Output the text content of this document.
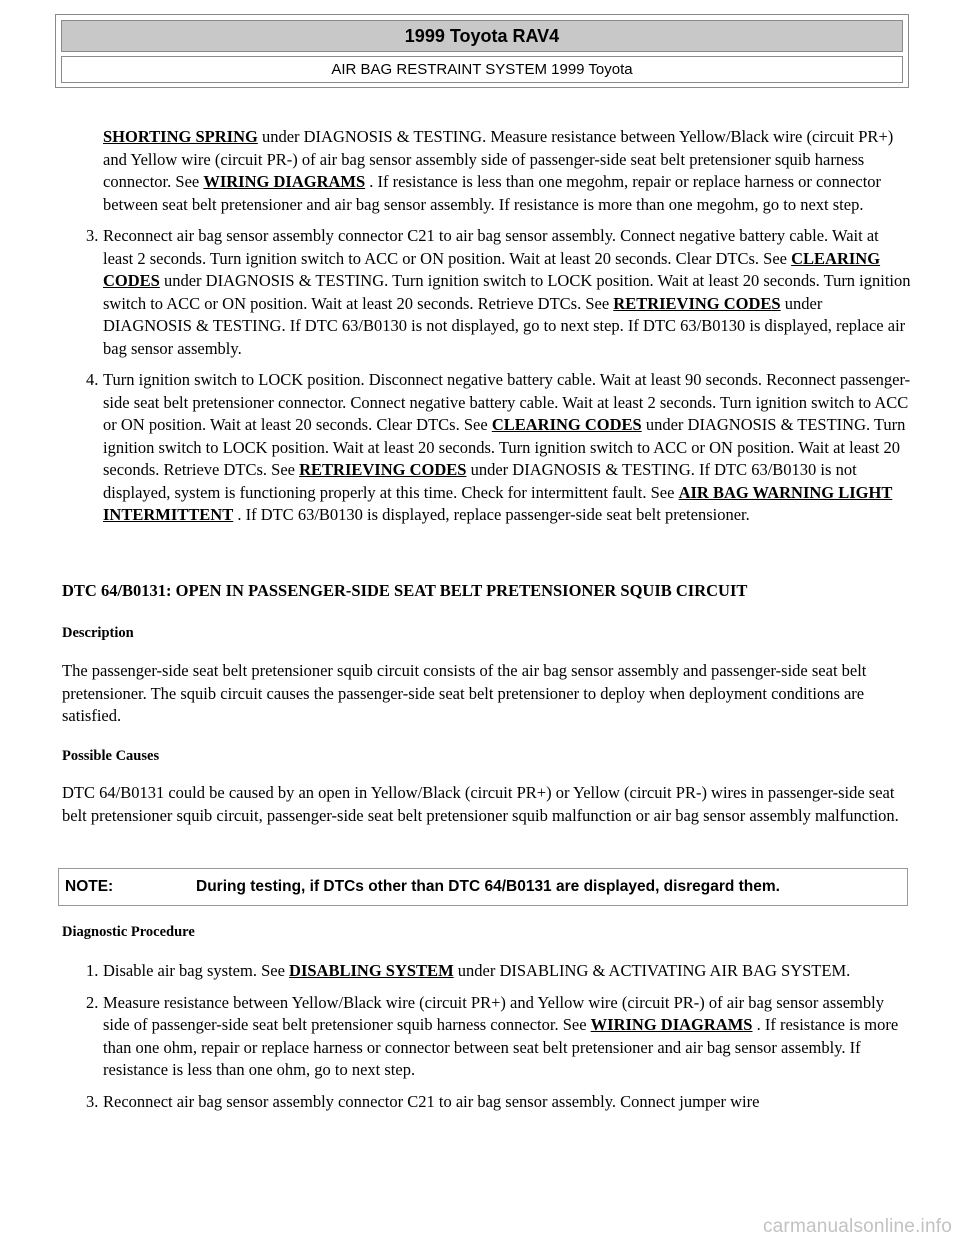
1999 Toyota RAV4
AIR BAG RESTRAINT SYSTEM 1999 Toyota
SHORTING SPRING under DIAGNOSIS & TESTING. Measure resistance between Yellow/Black wire (circuit PR+) and Yellow wire (circuit PR-) of air bag sensor assembly side of passenger-side seat belt pretensioner squib harness connector. See WIRING DIAGRAMS . If resistance is less than one megohm, repair or replace harness or connector between seat belt pretensioner and air bag sensor assembly. If resistance is more than one megohm, go to next step.
3. Reconnect air bag sensor assembly connector C21 to air bag sensor assembly. Connect negative battery cable. Wait at least 2 seconds. Turn ignition switch to ACC or ON position. Wait at least 20 seconds. Clear DTCs. See CLEARING CODES under DIAGNOSIS & TESTING. Turn ignition switch to LOCK position. Wait at least 20 seconds. Turn ignition switch to ACC or ON position. Wait at least 20 seconds. Retrieve DTCs. See RETRIEVING CODES under DIAGNOSIS & TESTING. If DTC 63/B0130 is not displayed, go to next step. If DTC 63/B0130 is displayed, replace air bag sensor assembly.
4. Turn ignition switch to LOCK position. Disconnect negative battery cable. Wait at least 90 seconds. Reconnect passenger-side seat belt pretensioner connector. Connect negative battery cable. Wait at least 2 seconds. Turn ignition switch to ACC or ON position. Wait at least 20 seconds. Clear DTCs. See CLEARING CODES under DIAGNOSIS & TESTING. Turn ignition switch to LOCK position. Wait at least 20 seconds. Turn ignition switch to ACC or ON position. Wait at least 20 seconds. Retrieve DTCs. See RETRIEVING CODES under DIAGNOSIS & TESTING. If DTC 63/B0130 is not displayed, system is functioning properly at this time. Check for intermittent fault. See AIR BAG WARNING LIGHT INTERMITTENT . If DTC 63/B0130 is displayed, replace passenger-side seat belt pretensioner.

DTC 64/B0131: OPEN IN PASSENGER-SIDE SEAT BELT PRETENSIONER SQUIB CIRCUIT

Description

The passenger-side seat belt pretensioner squib circuit consists of the air bag sensor assembly and passenger-side seat belt pretensioner. The squib circuit causes the passenger-side seat belt pretensioner to deploy when deployment conditions are satisfied.

Possible Causes

DTC 64/B0131 could be caused by an open in Yellow/Black (circuit PR+) or Yellow (circuit PR-) wires in passenger-side seat belt pretensioner squib circuit, passenger-side seat belt pretensioner squib malfunction or air bag sensor assembly malfunction.

Diagnostic Procedure

1. Disable air bag system. See DISABLING SYSTEM under DISABLING & ACTIVATING AIR BAG SYSTEM.
2. Measure resistance between Yellow/Black wire (circuit PR+) and Yellow wire (circuit PR-) of air bag sensor assembly side of passenger-side seat belt pretensioner squib harness connector. See WIRING DIAGRAMS . If resistance is more than one ohm, repair or replace harness or connector between seat belt pretensioner and air bag sensor assembly. If resistance is less than one ohm, go to next step.
3. Reconnect air bag sensor assembly connector C21 to air bag sensor assembly. Connect jumper wire
NOTE:	During testing, if DTCs other than DTC 64/B0131 are displayed, disregard them.
carmanualsonline.info
